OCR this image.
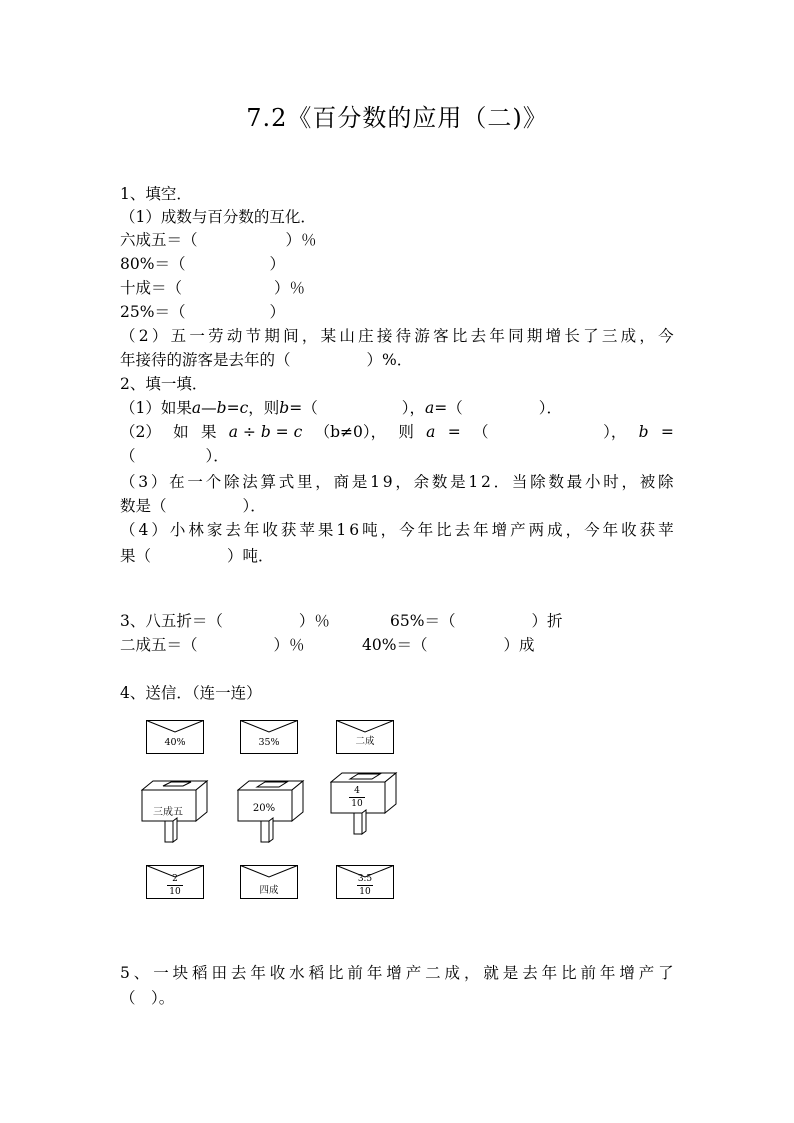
7.2《百分数的应用（二)》
1、填空．
（1）成数与百分数的互化．
六成五＝（	）％
80%＝（	）
十成＝（	）％
25%＝（	）
（ 2 ） 五 一 劳 动 节 期 间 ， 某 山 庄 接 待 游 客 比 去 年 同 期 增 长 了 三 成 ， 今
年接待的游客是去年的（	）%．
2、填一填．
（1）如果a—b=c，则b=（	），a=（	）．
（2） 如 果 a ÷ b = c （b≠0）， 则 a = （	）， b =
（	）．
（ 3 ） 在 一 个 除 法 算 式 里 ， 商 是 1 9 ， 余 数 是 1 2 ． 当 除 数 最 小 时 ， 被 除
数是（	）．
（ 4 ） 小 林 家 去 年 收 获 苹 果 1 6 吨 ， 今 年 比 去 年 增 产 两 成 ， 今 年 收 获 苹
果（	）吨．
3、八五折＝（	）％	65%＝（	）折
二成五＝（	）％	40%＝（	）成
4、送信．（连一连）
40%	35%	二成
三成五	20%
4
10
2
10	四成
3.5
10
5 、 一 块 稻 田 去 年 收 水 稻 比 前 年 增 产 二 成 ， 就 是 去 年 比 前 年 增 产 了
（　）。
